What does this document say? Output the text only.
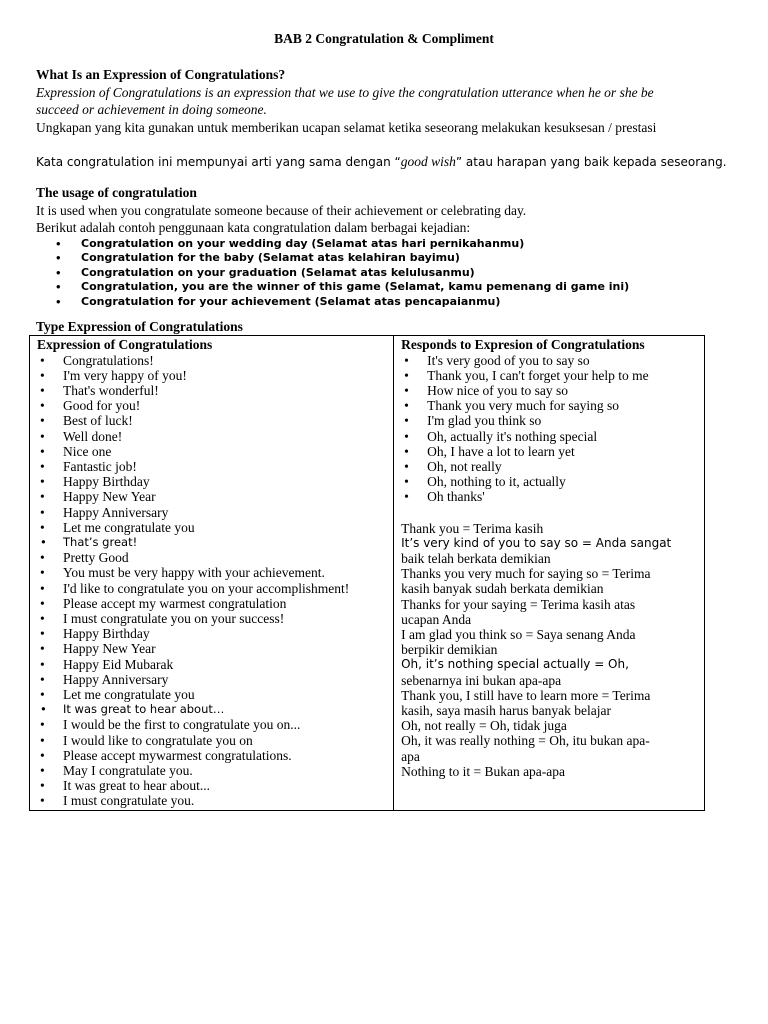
BAB 2 Congratulation & Compliment
What Is an Expression of Congratulations?
Expression of Congratulations is an expression that we use to give the congratulation utterance when he or she be
succeed or achievement in doing someone.
Ungkapan yang kita gunakan untuk memberikan ucapan selamat ketika seseorang melakukan kesuksesan / prestasi
Kata congratulation ini mempunyai arti yang sama dengan “good wish” atau harapan yang baik kepada seseorang.
The usage of congratulation
It is used when you congratulate someone because of their achievement or celebrating day.
Berikut adalah contoh penggunaan kata congratulation dalam berbagai kejadian:
• Congratulation on your wedding day (Selamat atas hari pernikahanmu)
• Congratulation for the baby (Selamat atas kelahiran bayimu)
• Congratulation on your graduation (Selamat atas kelulusanmu)
• Congratulation, you are the winner of this game (Selamat, kamu pemenang di game ini)
• Congratulation for your achievement (Selamat atas pencapaianmu)
Type Expression of Congratulations
Expression of Congratulations
• Congratulations!
• I'm very happy of you!
• That's wonderful!
• Good for you!
• Best of luck!
• Well done!
• Nice one
• Fantastic job!
• Happy Birthday
• Happy New Year
• Happy Anniversary
• Let me congratulate you
• That’s great!
• Pretty Good
• You must be very happy with your achievement.
• I'd like to congratulate you on your accomplishment!
• Please accept my warmest congratulation
• I must congratulate you on your success!
• Happy Birthday
• Happy New Year
• Happy Eid Mubarak
• Happy Anniversary
• Let me congratulate you
• It was great to hear about…
• I would be the first to congratulate you on...
• I would like to congratulate you on
• Please accept mywarmest congratulations.
• May I congratulate you.
• It was great to hear about...
• I must congratulate you.

Responds to Expresion of Congratulations
• It's very good of you to say so
• Thank you, I can't forget your help to me
• How nice of you to say so
• Thank you very much for saying so
• I'm glad you think so
• Oh, actually it's nothing special
• Oh, I have a lot to learn yet
• Oh, not really
• Oh, nothing to it, actually
• Oh thanks'
Thank you = Terima kasih
It’s very kind of you to say so = Anda sangat
baik telah berkata demikian
Thanks you very much for saying so = Terima
kasih banyak sudah berkata demikian
Thanks for your saying = Terima kasih atas
ucapan Anda
I am glad you think so = Saya senang Anda
berpikir demikian
Oh, it’s nothing special actually = Oh,
sebenarnya ini bukan apa-apa
Thank you, I still have to learn more = Terima
kasih, saya masih harus banyak belajar
Oh, not really = Oh, tidak juga
Oh, it was really nothing = Oh, itu bukan apa-
apa
Nothing to it = Bukan apa-apa
